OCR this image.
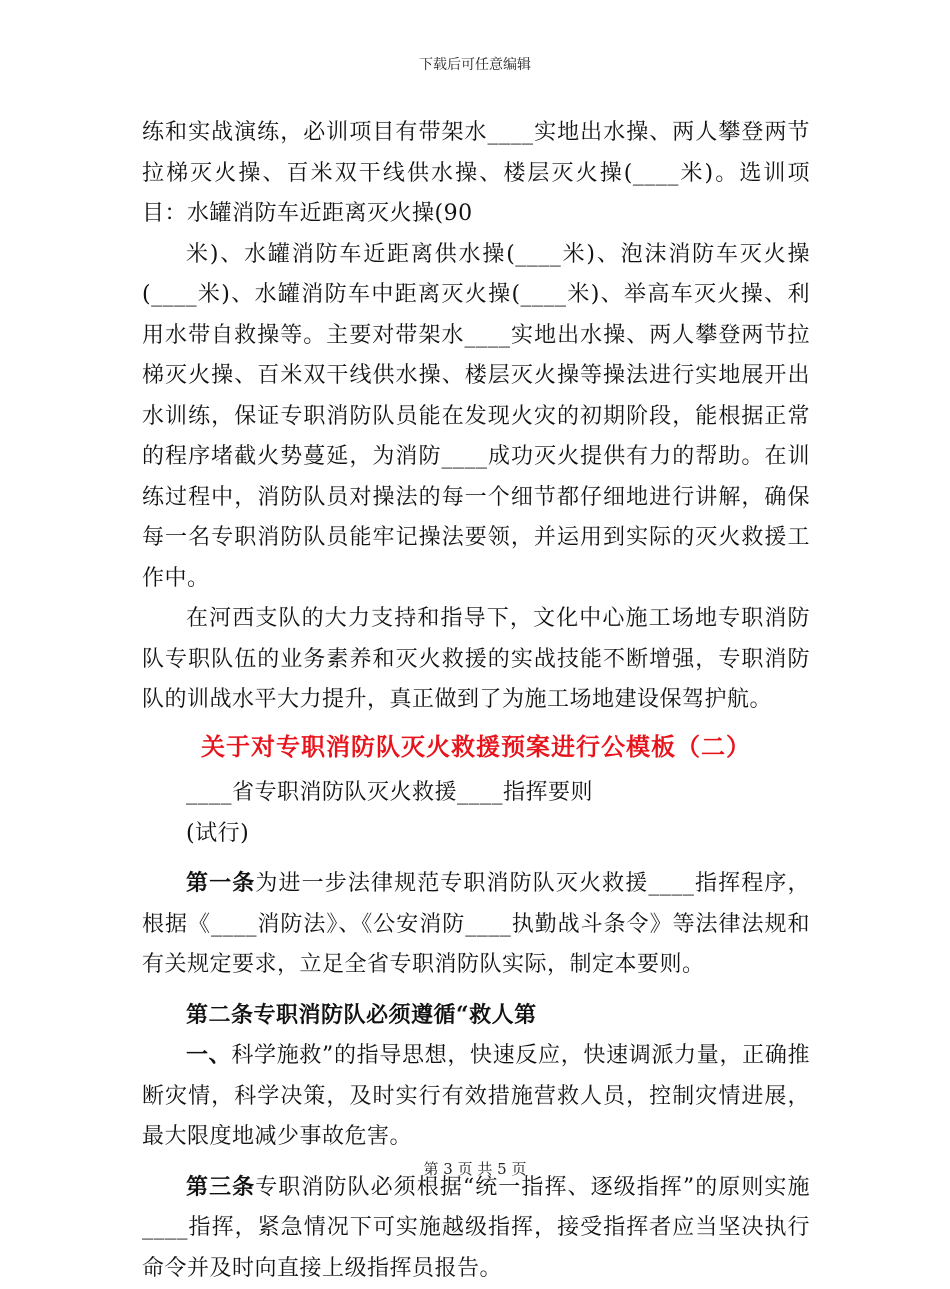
下载后可任意编辑

练和实战演练，必训项目有带架水____实地出水操、两人攀登两节拉梯灭火操、百米双干线供水操、楼层灭火操(____米)。选训项目：水罐消防车近距离灭火操(90

米)、水罐消防车近距离供水操(____米)、泡沫消防车灭火操(____米)、水罐消防车中距离灭火操(____米)、举高车灭火操、利用水带自救操等。主要对带架水____实地出水操、两人攀登两节拉梯灭火操、百米双干线供水操、楼层灭火操等操法进行实地展开出水训练，保证专职消防队员能在发现火灾的初期阶段，能根据正常的程序堵截火势蔓延，为消防____成功灭火提供有力的帮助。在训练过程中，消防队员对操法的每一个细节都仔细地进行讲解，确保每一名专职消防队员能牢记操法要领，并运用到实际的灭火救援工作中。

在河西支队的大力支持和指导下，文化中心施工场地专职消防队专职队伍的业务素养和灭火救援的实战技能不断增强，专职消防队的训战水平大力提升，真正做到了为施工场地建设保驾护航。

关于对专职消防队灭火救援预案进行公模板（二）

____省专职消防队灭火救援____指挥要则

(试行)

第一条为进一步法律规范专职消防队灭火救援____指挥程序，根据《____消防法》、《公安消防____执勤战斗条令》等法律法规和有关规定要求，立足全省专职消防队实际，制定本要则。

第二条专职消防队必须遵循“救人第

一、科学施救”的指导思想，快速反应，快速调派力量，正确推断灾情，科学决策，及时实行有效措施营救人员，控制灾情进展，最大限度地减少事故危害。

第三条专职消防队必须根据“统一指挥、逐级指挥”的原则实施____指挥，紧急情况下可实施越级指挥，接受指挥者应当坚决执行命令并及时向直接上级指挥员报告。

第 3 页 共 5 页
